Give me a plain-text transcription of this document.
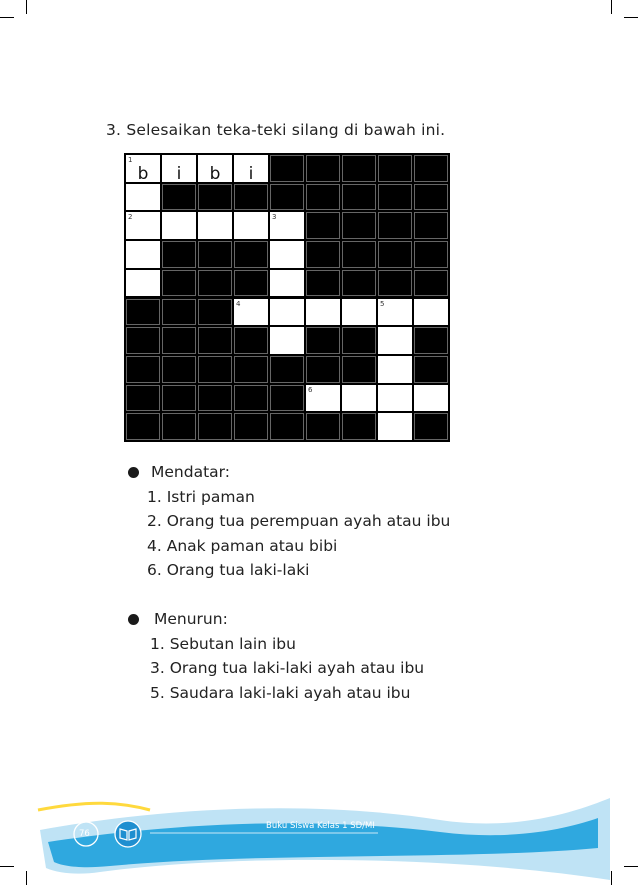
3. Selesaikan teka-teki silang di bawah ini.
1
b	i	b	i
2	3
4	5
6
Mendatar:
1. Istri paman
2. Orang tua perempuan ayah atau ibu
4. Anak paman atau bibi
6. Orang tua laki-laki
Menurun:
1. Sebutan lain ibu
3. Orang tua laki-laki ayah atau ibu
5. Saudara laki-laki ayah atau ibu
76
Buku Siswa Kelas 1 SD/MI
